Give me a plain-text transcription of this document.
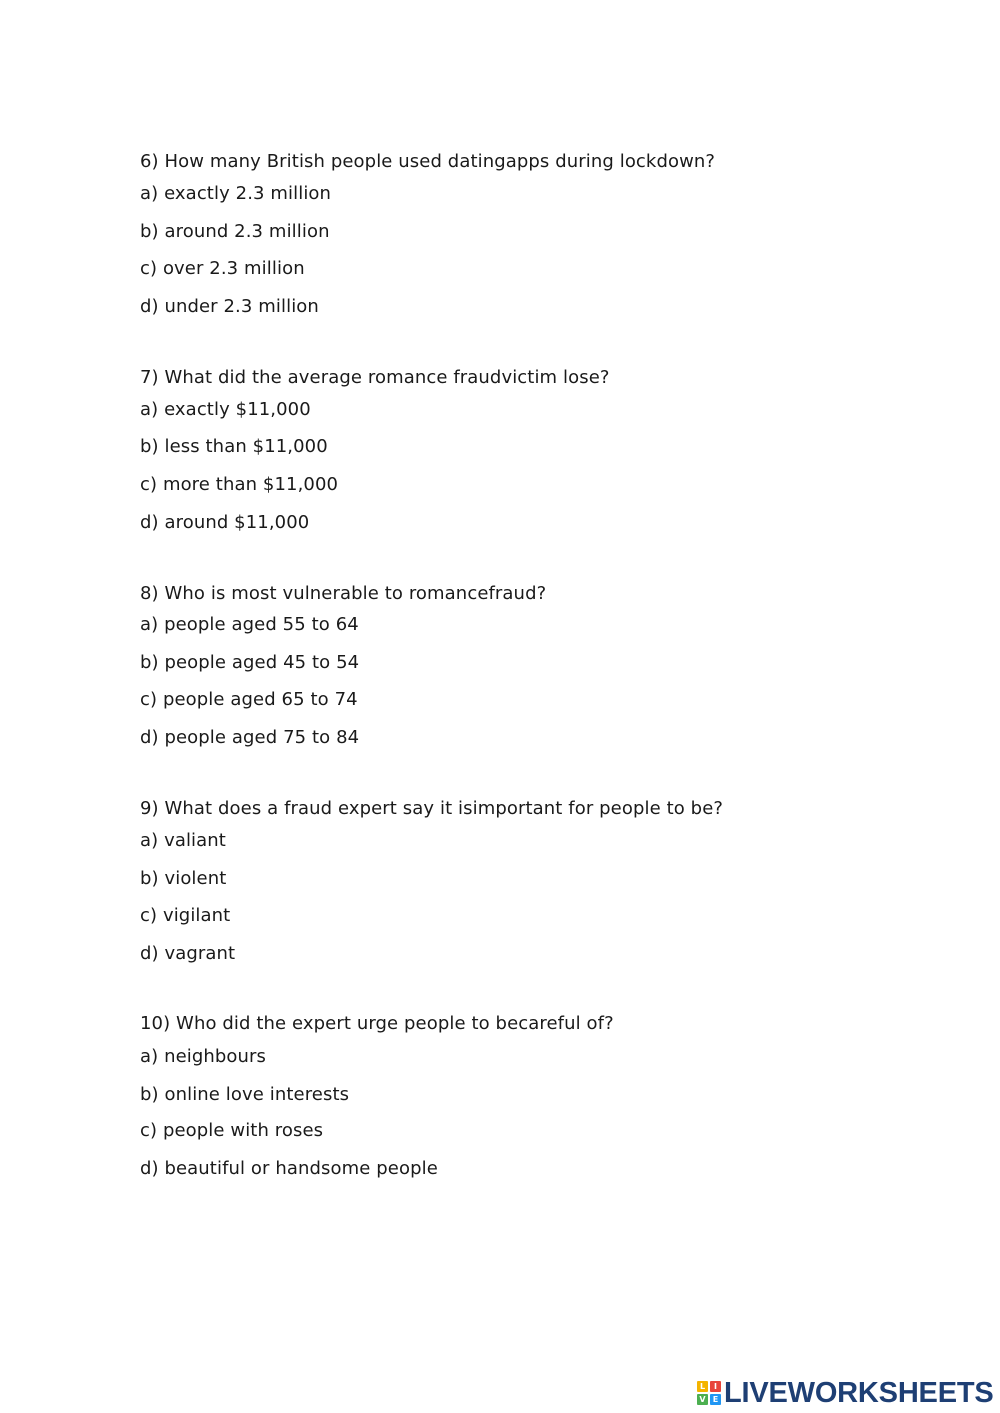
6) How many British people used datingapps during lockdown?
a) exactly 2.3 million
b) around 2.3 million
c) over 2.3 million
d) under 2.3 million
7) What did the average romance fraudvictim lose?
a) exactly $11,000
b) less than $11,000
c) more than $11,000
d) around $11,000
8) Who is most vulnerable to romancefraud?
a) people aged 55 to 64
b) people aged 45 to 54
c) people aged 65 to 74
d) people aged 75 to 84
9) What does a fraud expert say it isimportant for people to be?
a) valiant
b) violent
c) vigilant
d) vagrant
10) Who did the expert urge people to becareful of?
a) neighbours
b) online love interests
c) people with roses
d) beautiful or handsome people
L	I
V E LIVEWORKSHEETS
